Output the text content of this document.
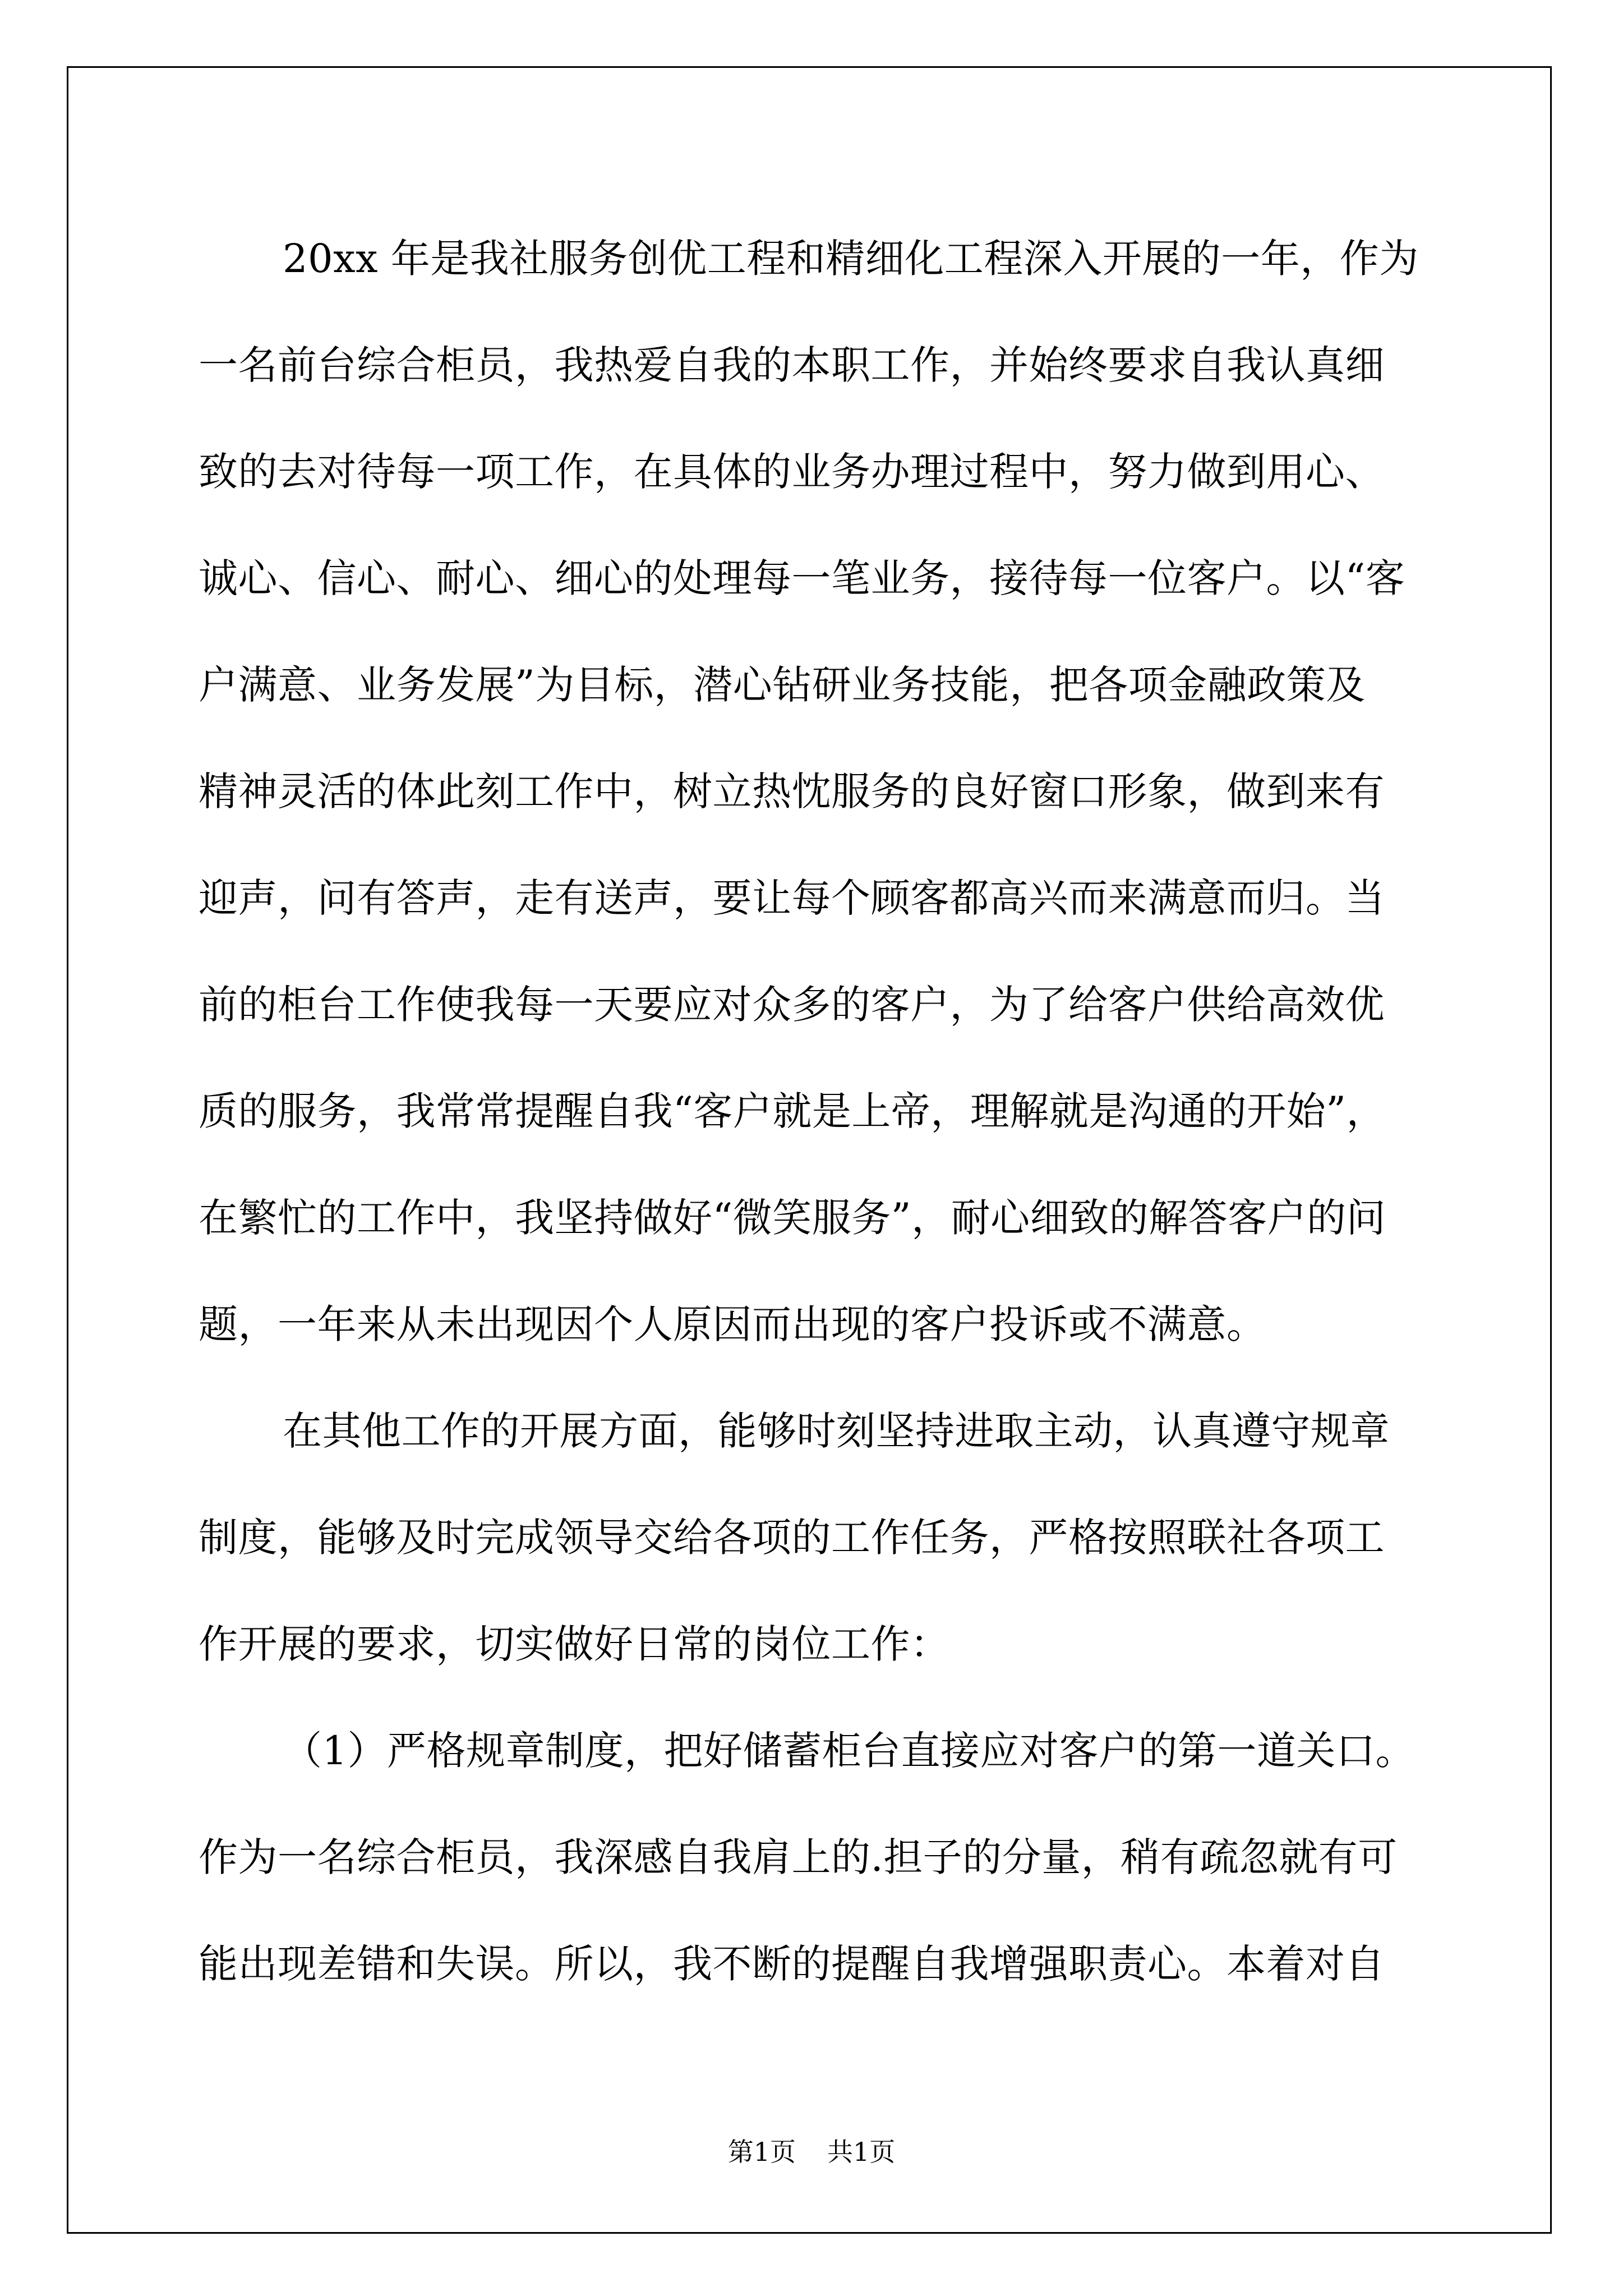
20xx 年是我社服务创优工程和精细化工程深入开展的一年，作为
一名前台综合柜员，我热爱自我的本职工作，并始终要求自我认真细
致的去对待每一项工作，在具体的业务办理过程中，努力做到用心、
诚心、信心、耐心、细心的处理每一笔业务，接待每一位客户。以“客
户满意、业务发展”为目标，潜心钻研业务技能，把各项金融政策及
精神灵活的体此刻工作中，树立热忱服务的良好窗口形象，做到来有
迎声，问有答声，走有送声，要让每个顾客都高兴而来满意而归。当
前的柜台工作使我每一天要应对众多的客户，为了给客户供给高效优
质的服务，我常常提醒自我“客户就是上帝，理解就是沟通的开始”，
在繁忙的工作中，我坚持做好“微笑服务”，耐心细致的解答客户的问
题，一年来从未出现因个人原因而出现的客户投诉或不满意。
在其他工作的开展方面，能够时刻坚持进取主动，认真遵守规章
制度，能够及时完成领导交给各项的工作任务，严格按照联社各项工
作开展的要求，切实做好日常的岗位工作：
（1）严格规章制度，把好储蓄柜台直接应对客户的第一道关口。
作为一名综合柜员，我深感自我肩上的.担子的分量，稍有疏忽就有可
能出现差错和失误。所以，我不断的提醒自我增强职责心。本着对自
第1页 共1页
